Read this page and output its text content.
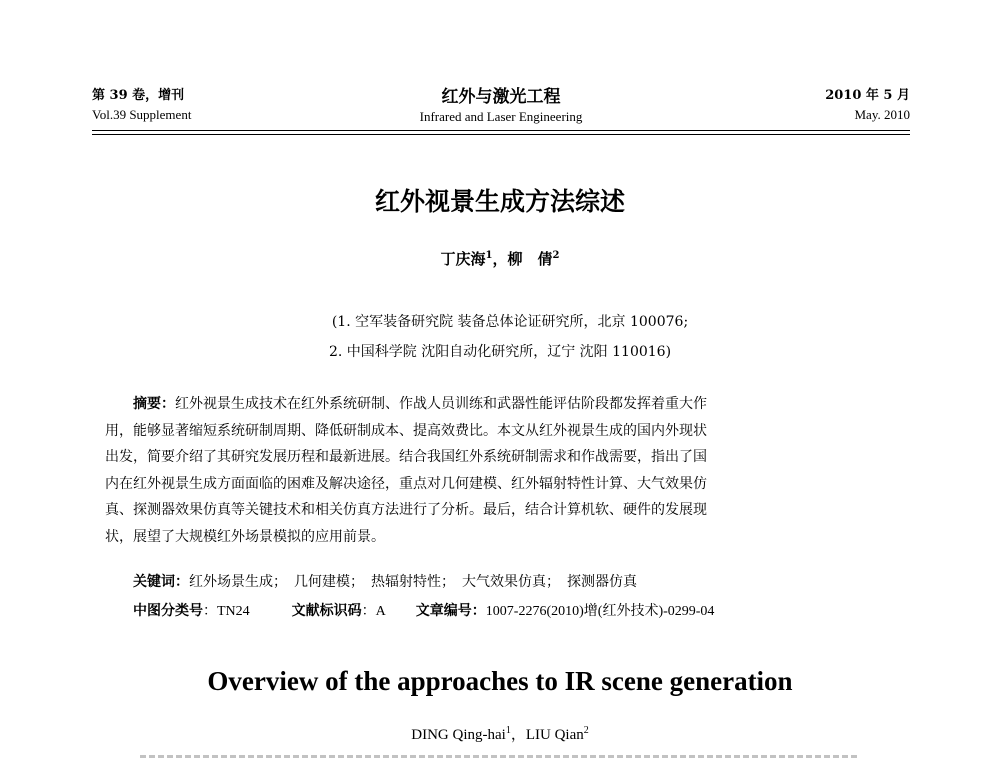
第 39 卷，增刊
Vol.39 Supplement
红外与激光工程
Infrared and Laser Engineering
2010 年 5 月
May. 2010
红外视景生成方法综述
丁庆海$^1$，柳　倩$^2$
(1. 空军装备研究院 装备总体论证研究所，北京 100076;
2. 中国科学院 沈阳自动化研究所，辽宁 沈阳 110016)
摘要：红外视景生成技术在红外系统研制、作战人员训练和武器性能评估阶段都发挥着重大作
用，能够显著缩短系统研制周期、降低研制成本、提高效费比。本文从红外视景生成的国内外现状
出发，简要介绍了其研究发展历程和最新进展。结合我国红外系统研制需求和作战需要，指出了国
内在红外视景生成方面面临的困难及解决途径，重点对几何建模、红外辐射特性计算、大气效果仿
真、探测器效果仿真等关键技术和相关仿真方法进行了分析。最后，结合计算机软、硬件的发展现
状，展望了大规模红外场景模拟的应用前景。
关键词：红外场景生成；　几何建模；　热辐射特性；　大气效果仿真；　探测器仿真
中图分类号：TN24	文献标识码：A 文章编号：1007-2276(2010)增(红外技术)-0299-04
Overview of the approaches to IR scene generation
DING Qing-hai$^1$，LIU Qian$^2$
